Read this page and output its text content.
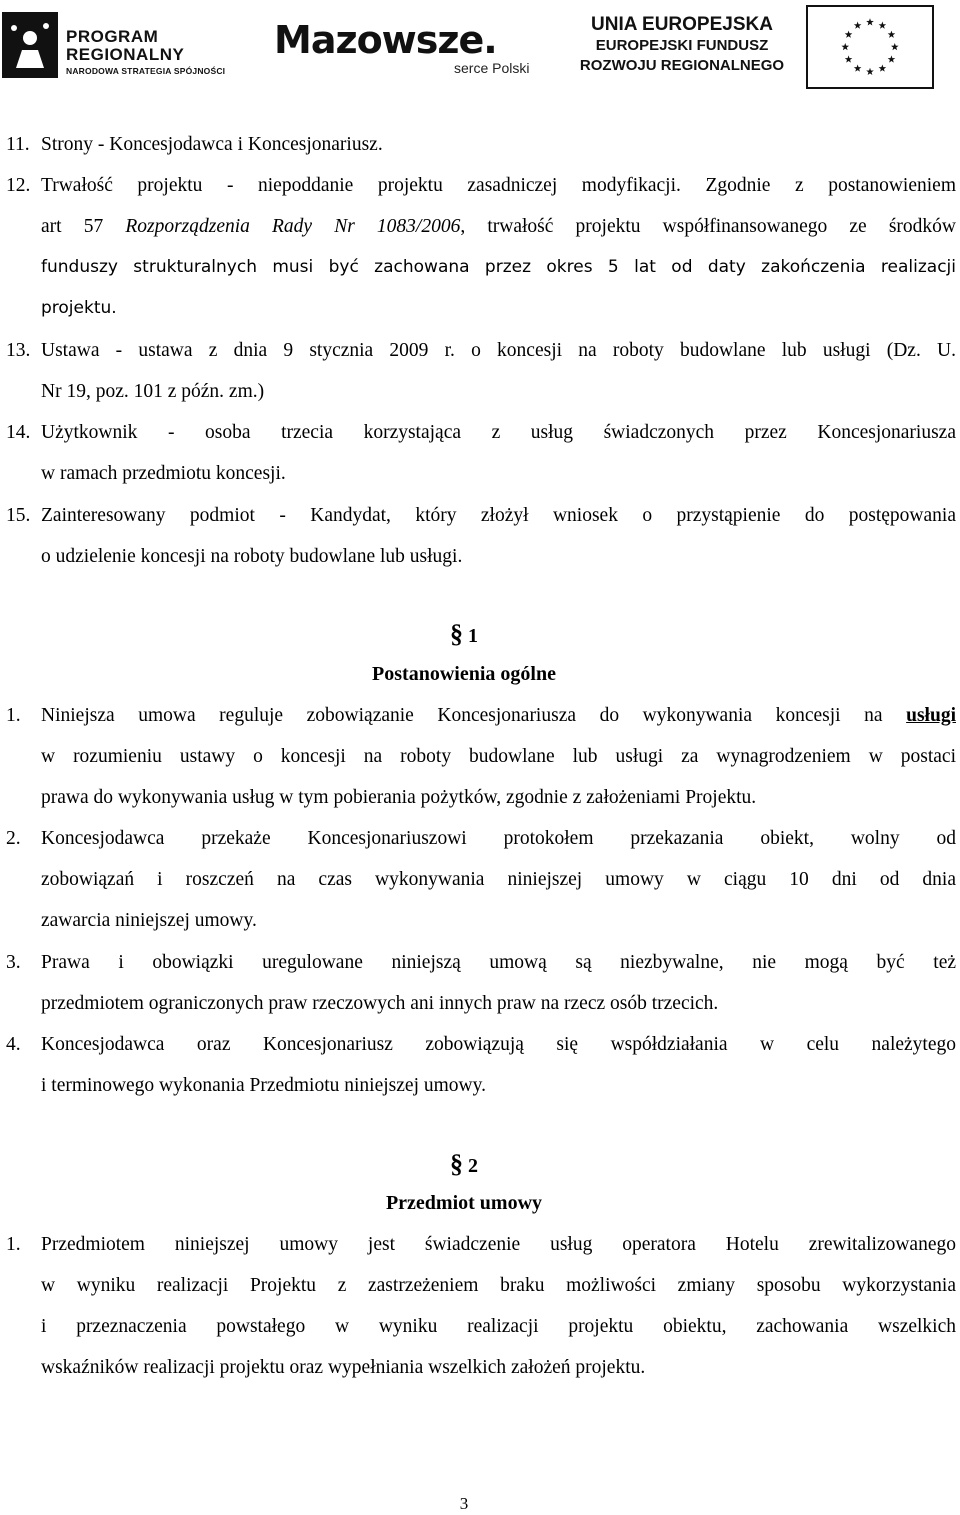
PROGRAM
REGIONALNY
NARODOWA STRATEGIA SPÓJNOŚCI
Mazowsze.
serce Polski
UNIA EUROPEJSKA
EUROPEJSKI FUNDUSZ
ROZWOJU REGIONALNEGO
11. Strony - Koncesjodawca i Koncesjonariusz.
12. Trwałość projektu - niepoddanie projektu zasadniczej modyfikacji. Zgodnie z postanowieniem
art 57 Rozporządzenia Rady Nr 1083/2006, trwałość projektu współfinansowanego ze środków
funduszy strukturalnych musi być zachowana przez okres 5 lat od daty zakończenia realizacji
projektu.
13. Ustawa - ustawa z dnia 9 stycznia 2009 r. o koncesji na roboty budowlane lub usługi (Dz. U.
Nr 19, poz. 101 z późn. zm.)
14. Użytkownik - osoba trzecia korzystająca z usług świadczonych przez Koncesjonariusza
w ramach przedmiotu koncesji.
15. Zainteresowany podmiot - Kandydat, który złożył wniosek o przystąpienie do postępowania
o udzielenie koncesji na roboty budowlane lub usługi.
§ 1
Postanowienia ogólne
1. Niniejsza umowa reguluje zobowiązanie Koncesjonariusza do wykonywania koncesji na usługi
w rozumieniu ustawy o koncesji na roboty budowlane lub usługi za wynagrodzeniem w postaci
prawa do wykonywania usług w tym pobierania pożytków, zgodnie z założeniami Projektu.
2. Koncesjodawca przekaże Koncesjonariuszowi protokołem przekazania obiekt, wolny od
zobowiązań i roszczeń na czas wykonywania niniejszej umowy w ciągu 10 dni od dnia
zawarcia niniejszej umowy.
3. Prawa i obowiązki uregulowane niniejszą umową są niezbywalne, nie mogą być też
przedmiotem ograniczonych praw rzeczowych ani innych praw na rzecz osób trzecich.
4. Koncesjodawca oraz Koncesjonariusz zobowiązują się współdziałania w celu należytego
i terminowego wykonania Przedmiotu niniejszej umowy.
§ 2
Przedmiot umowy
1. Przedmiotem niniejszej umowy jest świadczenie usług operatora Hotelu zrewitalizowanego
w wyniku realizacji Projektu z zastrzeżeniem braku możliwości zmiany sposobu wykorzystania
i przeznaczenia powstałego w wyniku realizacji projektu obiektu, zachowania wszelkich
wskaźników realizacji projektu oraz wypełniania wszelkich założeń projektu.
3
